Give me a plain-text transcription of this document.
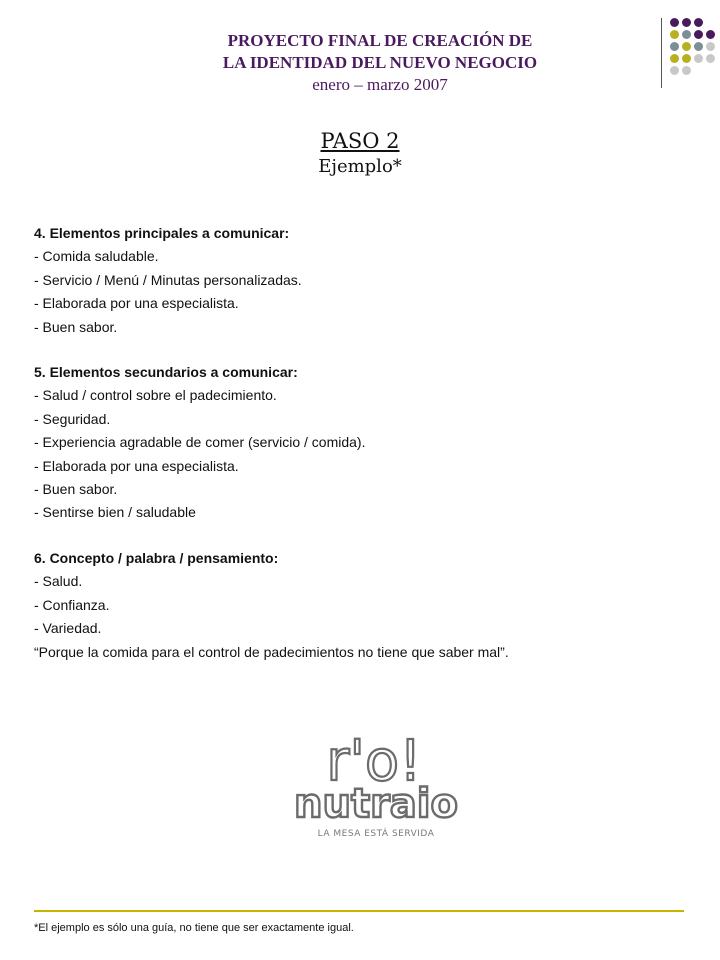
PROYECTO FINAL DE CREACIÓN DE
LA IDENTIDAD DEL NUEVO NEGOCIO
enero – marzo 2007
PASO 2
Ejemplo*
4. Elementos principales a comunicar:
- Comida saludable.
- Servicio / Menú / Minutas personalizadas.
- Elaborada por una especialista.
- Buen sabor.
5. Elementos secundarios a comunicar:
- Salud / control sobre el padecimiento.
- Seguridad.
- Experiencia agradable de comer (servicio / comida).
- Elaborada por una especialista.
- Buen sabor.
- Sentirse bien / saludable
6. Concepto / palabra / pensamiento:
- Salud.
- Confianza.
- Variedad.
“Porque la comida para el control de padecimientos no tiene que saber mal”.
r'o!
nutraio
LA MESA ESTÁ SERVIDA
*El ejemplo es sólo una guía, no tiene que ser exactamente igual.
